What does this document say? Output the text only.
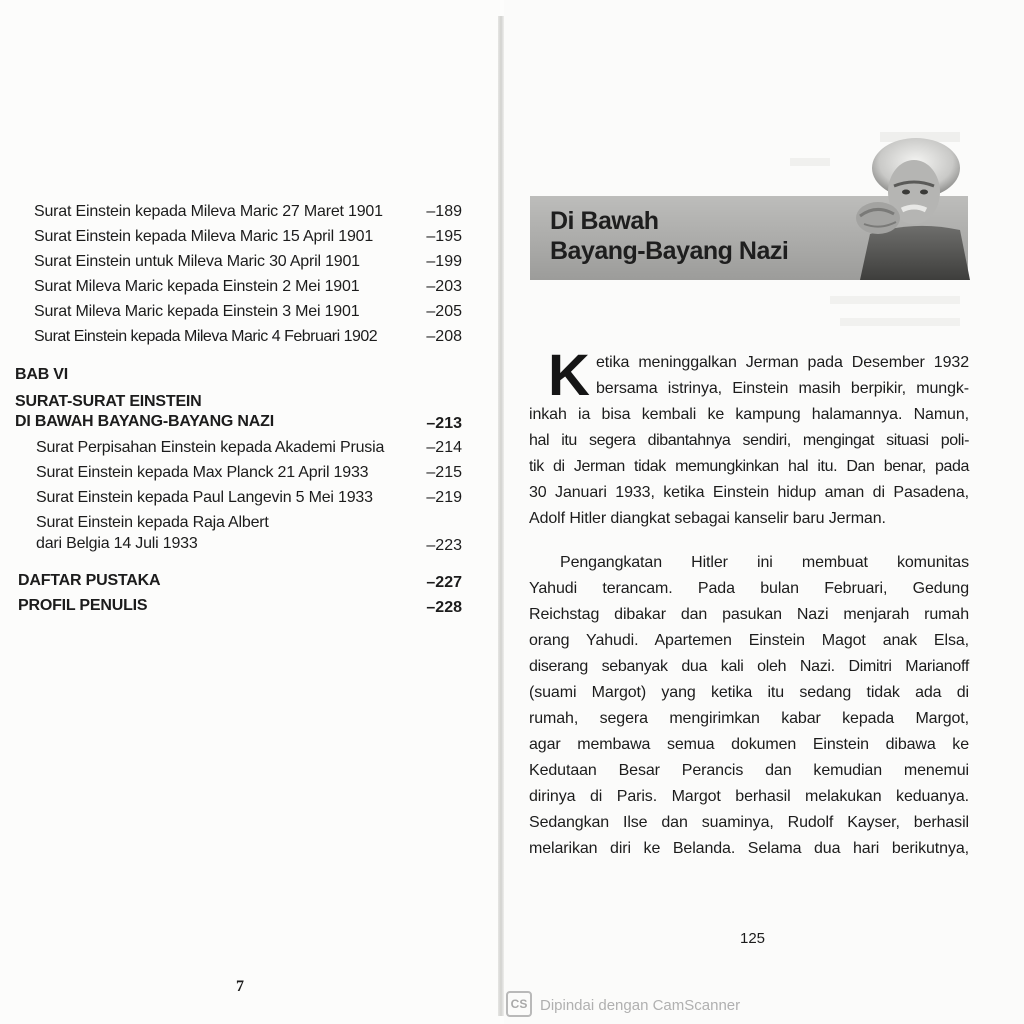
Surat Einstein kepada Mileva Maric 27 Maret 1901	–189
Surat Einstein kepada Mileva Maric 15 April 1901	–195
Surat Einstein untuk Mileva Maric 30 April 1901	–199
Surat Mileva Maric kepada Einstein 2 Mei 1901	–203
Surat Mileva Maric kepada Einstein 3 Mei 1901	–205
Surat Einstein kepada Mileva Maric 4 Februari 1902	–208
BAB VI
SURAT-SURAT EINSTEIN
DI BAWAH BAYANG-BAYANG NAZI	–213
Surat Perpisahan Einstein kepada Akademi Prusia	–214
Surat Einstein kepada Max Planck 21 April 1933	–215
Surat Einstein kepada Paul Langevin 5 Mei 1933	–219
Surat Einstein kepada Raja Albert
dari Belgia 14 Juli 1933	–223
DAFTAR PUSTAKA	–227
PROFIL PENULIS	–228
7
Di Bawah
Bayang-Bayang Nazi
K etika meninggalkan Jerman pada Desember 1932
bersama istrinya, Einstein masih berpikir, mungk-
inkah ia bisa kembali ke kampung halamannya. Namun,
hal itu segera dibantahnya sendiri, mengingat situasi poli-
tik di Jerman tidak memungkinkan hal itu. Dan benar, pada
30 Januari 1933, ketika Einstein hidup aman di Pasadena,
Adolf Hitler diangkat sebagai kanselir baru Jerman.
Pengangkatan Hitler ini membuat komunitas
Yahudi terancam. Pada bulan Februari, Gedung
Reichstag dibakar dan pasukan Nazi menjarah rumah
orang Yahudi. Apartemen Einstein Magot anak Elsa,
diserang sebanyak dua kali oleh Nazi. Dimitri Marianoff
(suami Margot) yang ketika itu sedang tidak ada di
rumah, segera mengirimkan kabar kepada Margot,
agar membawa semua dokumen Einstein dibawa ke
Kedutaan Besar Perancis dan kemudian menemui
dirinya di Paris. Margot berhasil melakukan keduanya.
Sedangkan Ilse dan suaminya, Rudolf Kayser, berhasil
melarikan diri ke Belanda. Selama dua hari berikutnya,
125
CS Dipindai dengan CamScanner
